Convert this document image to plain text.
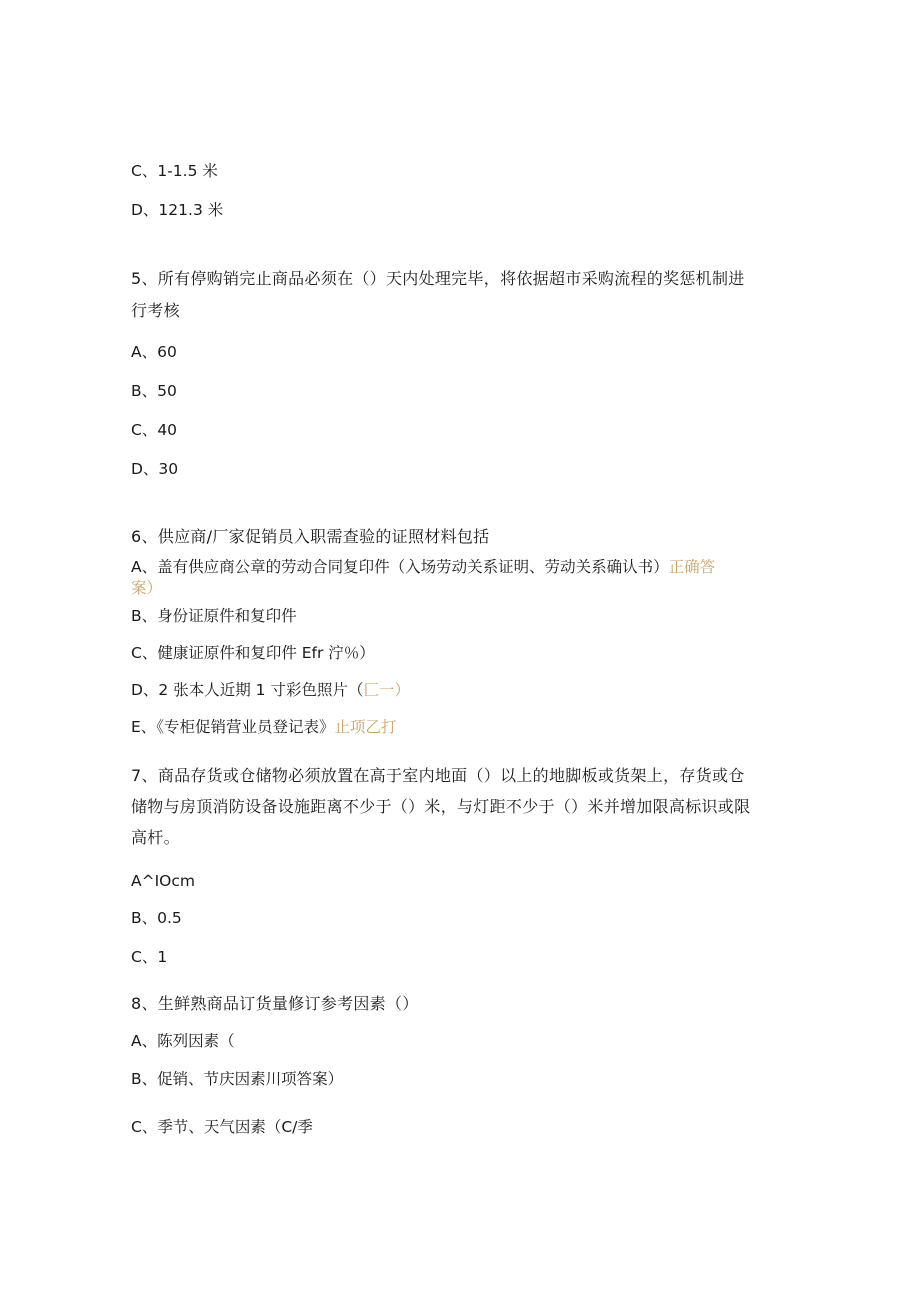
C、1-1.5 米
D、121.3 米
5、所有停购销完止商品必须在（）天内处理完毕，将依据超市采购流程的奖惩机制进
行考核
A、60
B、50
C、40
D、30
6、供应商/厂家促销员入职需查验的证照材料包括
A、盖有供应商公章的劳动合同复印件（入场劳动关系证明、劳动关系确认书）正确答
案）
B、身份证原件和复印件
C、健康证原件和复印件 Efr 泞％）
D、2 张本人近期 1 寸彩色照片（匚一）
E、《专柜促销营业员登记表》止项乙打
7、商品存货或仓储物必须放置在高于室内地面（）以上的地脚板或货架上，存货或仓
储物与房顶消防设备设施距离不少于（）米，与灯距不少于（）米并增加限高标识或限
高杆。
A^IOcm
B、0.5
C、1
8、生鲜熟商品订货量修订参考因素（）
A、陈列因素（
B、促销、节庆因素川项答案）
C、季节、天气因素（C/季
